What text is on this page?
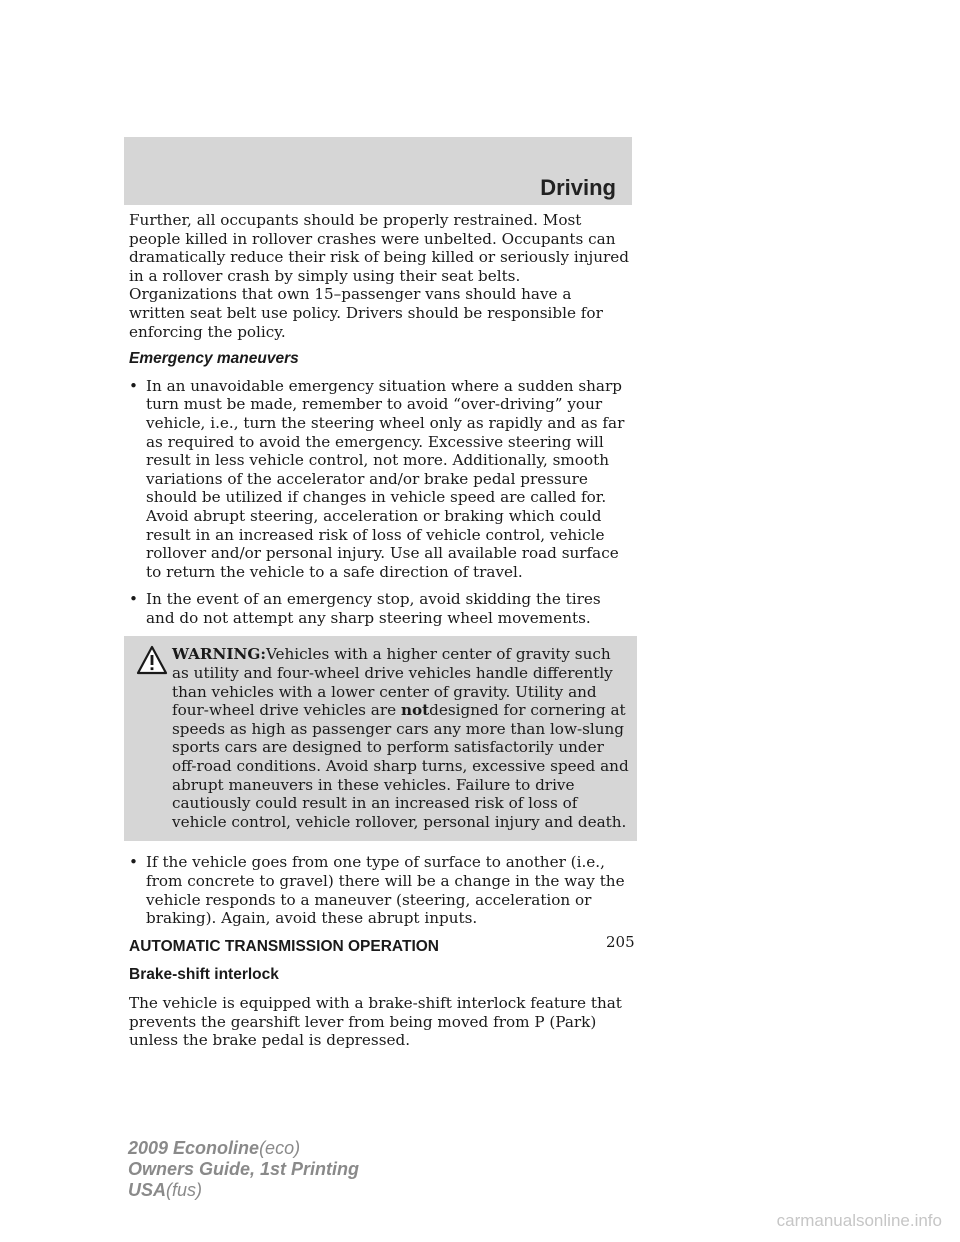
Driving

Further, all occupants should be properly restrained. Most people killed in rollover crashes were unbelted. Occupants can dramatically reduce their risk of being killed or seriously injured in a rollover crash by simply using their seat belts. Organizations that own 15–passenger vans should have a written seat belt use policy. Drivers should be responsible for enforcing the policy.

Emergency maneuvers

• In an unavoidable emergency situation where a sudden sharp turn must be made, remember to avoid “over-driving” your vehicle, i.e., turn the steering wheel only as rapidly and as far as required to avoid the emergency. Excessive steering will result in less vehicle control, not more. Additionally, smooth variations of the accelerator and/or brake pedal pressure should be utilized if changes in vehicle speed are called for. Avoid abrupt steering, acceleration or braking which could result in an increased risk of loss of vehicle control, vehicle rollover and/or personal injury. Use all available road surface to return the vehicle to a safe direction of travel.
• In the event of an emergency stop, avoid skidding the tires and do not attempt any sharp steering wheel movements.

WARNING:Vehicles with a higher center of gravity such as utility and four-wheel drive vehicles handle differently than vehicles with a lower center of gravity. Utility and four-wheel drive vehicles are notdesigned for cornering at speeds as high as passenger cars any more than low-slung sports cars are designed to perform satisfactorily under off-road conditions. Avoid sharp turns, excessive speed and abrupt maneuvers in these vehicles. Failure to drive cautiously could result in an increased risk of loss of vehicle control, vehicle rollover, personal injury and death.

• If the vehicle goes from one type of surface to another (i.e., from concrete to gravel) there will be a change in the way the vehicle responds to a maneuver (steering, acceleration or braking). Again, avoid these abrupt inputs.

AUTOMATIC TRANSMISSION OPERATION

Brake-shift interlock

The vehicle is equipped with a brake-shift interlock feature that prevents the gearshift lever from being moved from P (Park) unless the brake pedal is depressed.

205
2009 Econoline(eco)
Owners Guide, 1st Printing
USA(fus)
carmanualsonline.info
